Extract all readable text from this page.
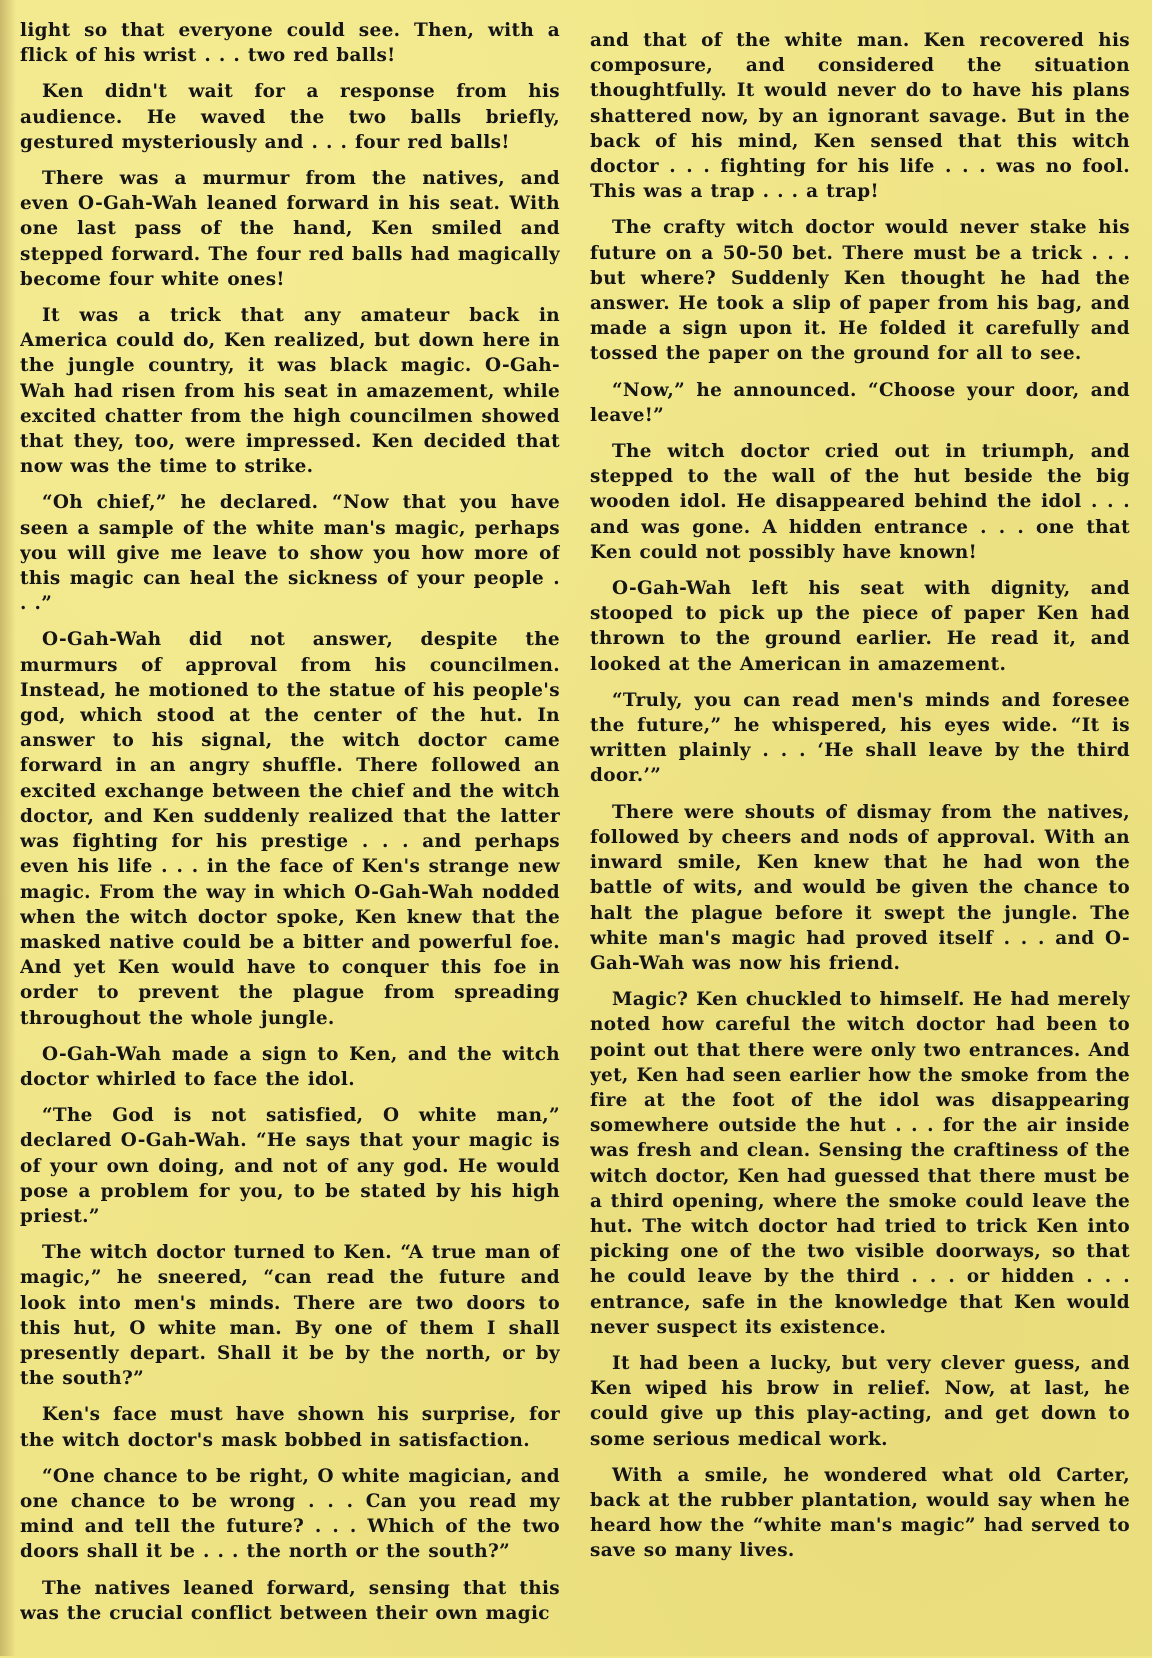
light so that everyone could see. Then, with a flick of his wrist . . . two red balls!

Ken didn't wait for a response from his audience. He waved the two balls briefly, gestured mysteriously and . . . four red balls!

There was a murmur from the natives, and even O-Gah-Wah leaned forward in his seat. With one last pass of the hand, Ken smiled and stepped forward. The four red balls had magically become four white ones!

It was a trick that any amateur back in America could do, Ken realized, but down here in the jungle country, it was black magic. O-Gah-Wah had risen from his seat in amazement, while excited chatter from the high councilmen showed that they, too, were impressed. Ken decided that now was the time to strike.

“Oh chief,” he declared. “Now that you have seen a sample of the white man's magic, perhaps you will give me leave to show you how more of this magic can heal the sickness of your people . . .”

O-Gah-Wah did not answer, despite the murmurs of approval from his councilmen. Instead, he motioned to the statue of his people's god, which stood at the center of the hut. In answer to his signal, the witch doctor came forward in an angry shuffle. There followed an excited exchange between the chief and the witch doctor, and Ken suddenly realized that the latter was fighting for his prestige . . . and perhaps even his life . . . in the face of Ken's strange new magic. From the way in which O-Gah-Wah nodded when the witch doctor spoke, Ken knew that the masked native could be a bitter and powerful foe. And yet Ken would have to conquer this foe in order to prevent the plague from spreading throughout the whole jungle.

O-Gah-Wah made a sign to Ken, and the witch doctor whirled to face the idol.

“The God is not satisfied, O white man,” declared O-Gah-Wah. “He says that your magic is of your own doing, and not of any god. He would pose a problem for you, to be stated by his high priest.”

The witch doctor turned to Ken. “A true man of magic,” he sneered, “can read the future and look into men's minds. There are two doors to this hut, O white man. By one of them I shall presently depart. Shall it be by the north, or by the south?”

Ken's face must have shown his surprise, for the witch doctor's mask bobbed in satisfaction.

“One chance to be right, O white magician, and one chance to be wrong . . . Can you read my mind and tell the future? . . . Which of the two doors shall it be . . . the north or the south?”

The natives leaned forward, sensing that this was the crucial conflict between their own magic

and that of the white man. Ken recovered his composure, and considered the situation thoughtfully. It would never do to have his plans shattered now, by an ignorant savage. But in the back of his mind, Ken sensed that this witch doctor . . . fighting for his life . . . was no fool. This was a trap . . . a trap!

The crafty witch doctor would never stake his future on a 50-50 bet. There must be a trick . . . but where? Suddenly Ken thought he had the answer. He took a slip of paper from his bag, and made a sign upon it. He folded it carefully and tossed the paper on the ground for all to see.

“Now,” he announced. “Choose your door, and leave!”

The witch doctor cried out in triumph, and stepped to the wall of the hut beside the big wooden idol. He disappeared behind the idol . . . and was gone. A hidden entrance . . . one that Ken could not possibly have known!

O-Gah-Wah left his seat with dignity, and stooped to pick up the piece of paper Ken had thrown to the ground earlier. He read it, and looked at the American in amazement.

“Truly, you can read men's minds and foresee the future,” he whispered, his eyes wide. “It is written plainly . . . ‘He shall leave by the third door.’”

There were shouts of dismay from the natives, followed by cheers and nods of approval. With an inward smile, Ken knew that he had won the battle of wits, and would be given the chance to halt the plague before it swept the jungle. The white man's magic had proved itself . . . and O-Gah-Wah was now his friend.

Magic? Ken chuckled to himself. He had merely noted how careful the witch doctor had been to point out that there were only two entrances. And yet, Ken had seen earlier how the smoke from the fire at the foot of the idol was disappearing somewhere outside the hut . . . for the air inside was fresh and clean. Sensing the craftiness of the witch doctor, Ken had guessed that there must be a third opening, where the smoke could leave the hut. The witch doctor had tried to trick Ken into picking one of the two visible doorways, so that he could leave by the third . . . or hidden . . . entrance, safe in the knowledge that Ken would never suspect its existence.

It had been a lucky, but very clever guess, and Ken wiped his brow in relief. Now, at last, he could give up this play-acting, and get down to some serious medical work.

With a smile, he wondered what old Carter, back at the rubber plantation, would say when he heard how the “white man's magic” had served to save so many lives.
